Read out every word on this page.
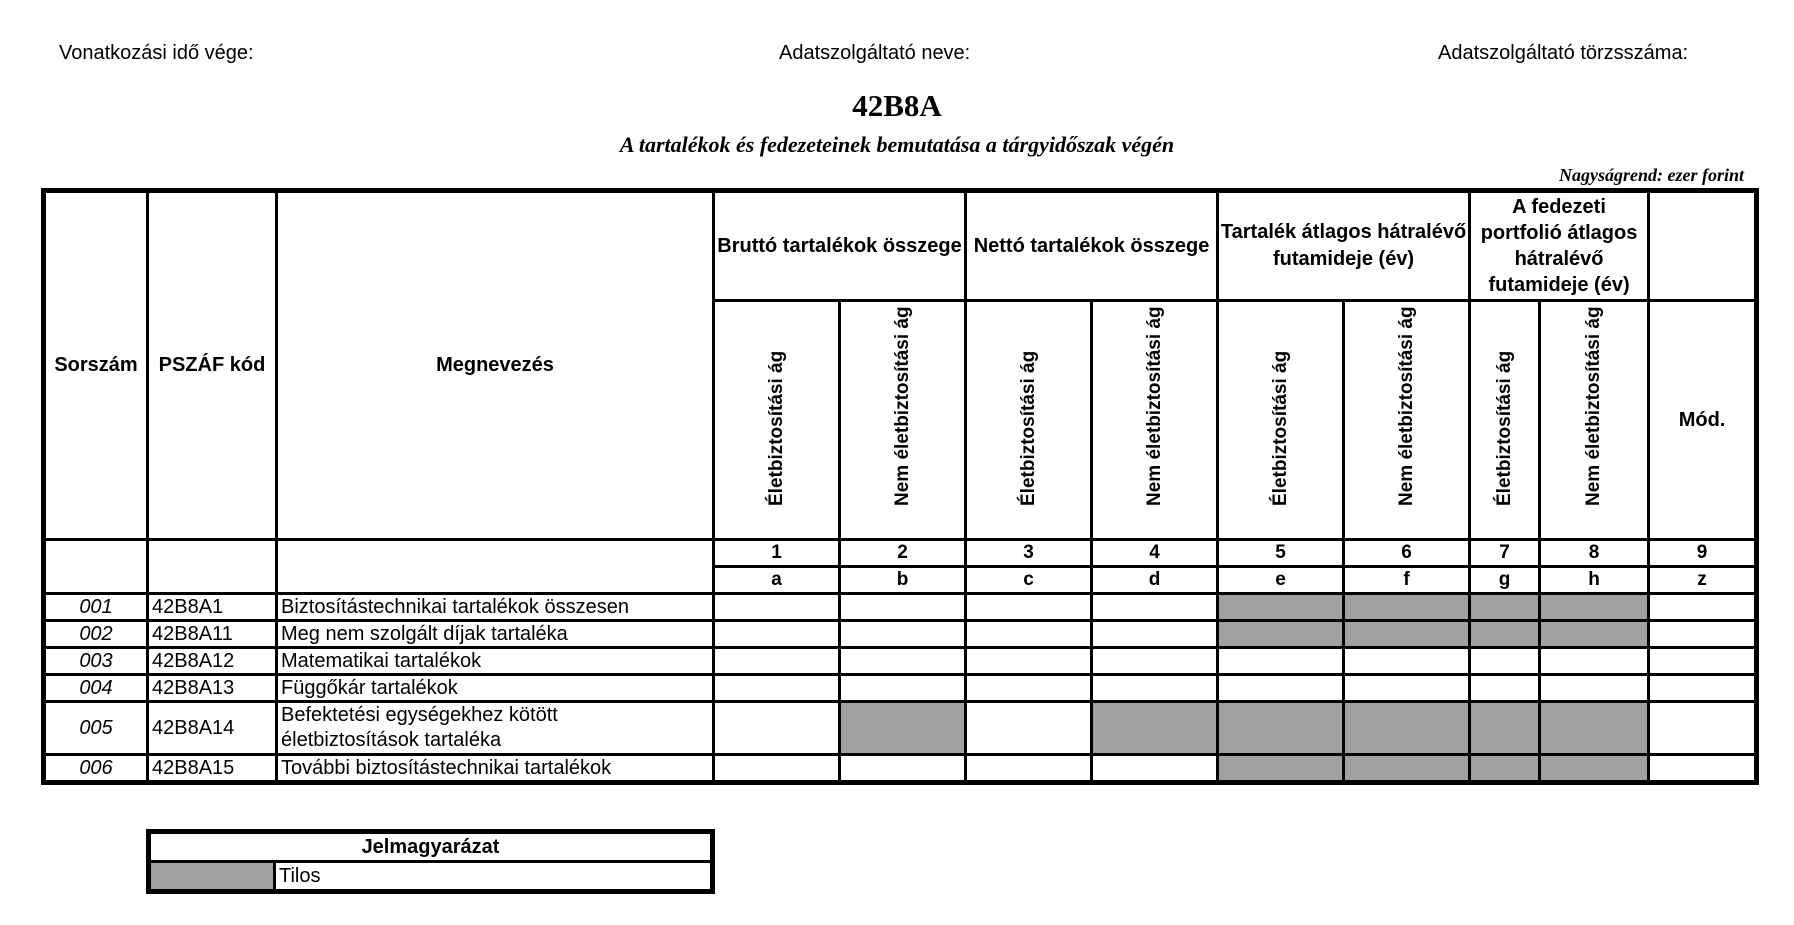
Vonatkozási idő vége:	Adatszolgáltató neve:	Adatszolgáltató törzsszáma:
42B8A
A tartalékok és fedezeteinek bemutatása a tárgyidőszak végén
Nagyságrend: ezer forint
Sorszám	PSZÁF kód	Megnevezés	Bruttó tartalékok összege		Nettó tartalékok összege		Tartalék átlagos hátralévő futamideje (év)		A fedezeti portfolió átlagos hátralévő futamideje (év)		

			Életbiztosítási ág	Nem életbiztosítási ág	Életbiztosítási ág	Nem életbiztosítási ág	Életbiztosítási ág	Nem életbiztosítási ág	Életbiztosítási ág	Nem életbiztosítási ág	Mód.
			1	2	3	4	5	6	7	8	9
			a	b	c	d	e	f	g	h	z
001	42B8A1	Biztosítástechnikai tartalékok összesen									
002	42B8A11	Meg nem szolgált díjak tartaléka									
003	42B8A12	Matematikai tartalékok									
004	42B8A13	Függőkár tartalékok									
005	42B8A14	Befektetési egységekhez kötött
életbiztosítások tartaléka									
006	42B8A15	További biztosítástechnikai tartalékok									
Jelmagyarázat
	Tilos
